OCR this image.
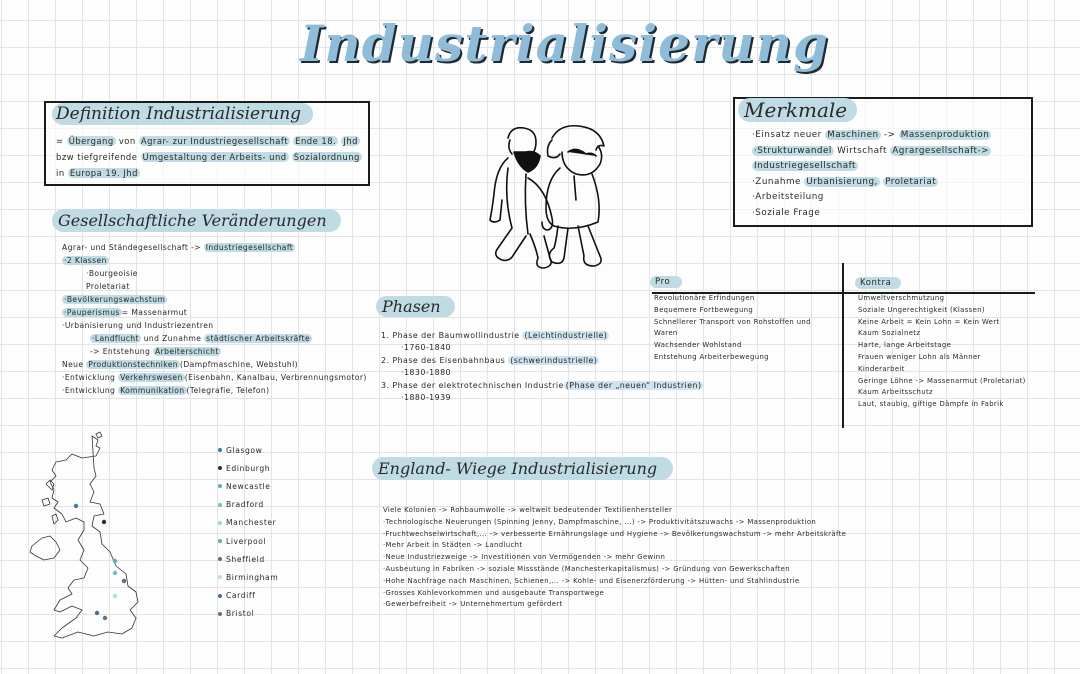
Industrialisierung
Definition Industrialisierung
= Übergang von Agrar- zur Industriegesellschaft Ende 18. Jhd bzw tiefgreifende Umgestaltung der Arbeits- und Sozialordnung in Europa 19. Jhd
Merkmale
·Einsatz neuer Maschinen -> Massenproduktion
·Strukturwandel Wirtschaft Agrargesellschaft->
Industriegesellschaft
·Zunahme Urbanisierung, Proletariat
·Arbeitsteilung
·Soziale Frage
Gesellschaftliche Veränderungen
Agrar- und Ständegesellschaft -> Industriegesellschaft
·2 Klassen
·Bourgeoisie
Proletariat
·Bevölkerungswachstum
·Pauperismus = Massenarmut
·Urbanisierung und Industriezentren
·Landflucht und Zunahme städtischer Arbeitskräfte
-> Entstehung Arbeiterschicht
Neue Produktionstechniken (Dampfmaschine, Webstuhl)
·Entwicklung Verkehrswesen (Eisenbahn, Kanalbau, Verbrennungsmotor)
·Entwicklung Kommunikation (Telegrafie, Telefon)
Phasen
1. Phase der Baumwollindustrie (Leichtindustrielle)
·1760-1840
2. Phase des Eisenbahnbaus (schwerindustrielle)
·1830-1880
3. Phase der elektrotechnischen Industrie (Phase der „neuen“ Industrien)
·1880-1939
Pro	Kontra
Revolutionäre Erfindungen
Bequemere Fortbewegung
Schnellerer Transport von Rohstoffen und
Waren
Wachsender Wohlstand
Entstehung Arbeiterbewegung
Umweltverschmutzung
Soziale Ungerechtigkeit (Klassen)
Keine Arbeit = Kein Lohn = Kein Wert
Kaum Sozialnetz
Harte, lange Arbeitstage
Frauen weniger Lohn als Männer
Kinderarbeit
Geringe Löhne -> Massenarmut (Proletariat)
Kaum Arbeitsschutz
Laut, staubig, giftige Dämpfe in Fabrik
Glasgow
Edinburgh
Newcastle
Bradford
Manchester
Liverpool
Sheffield
Birmingham
Cardiff
Bristol
England- Wiege Industrialisierung
Viele Kolonien -> Rohbaumwolle -> weltweit bedeutender Textilienhersteller
·Technologische Neuerungen (Spinning Jenny, Dampfmaschine, ...) -> Produktivitätszuwachs -> Massenproduktion
·Fruchtwechselwirtschaft,... -> verbesserte Ernährungslage und Hygiene -> Bevölkerungswachstum -> mehr Arbeitskräfte
·Mehr Arbeit in Städten -> Landlucht
·Neue Industriezweige -> Investitionen von Vermögenden -> mehr Gewinn
·Ausbeutung in Fabriken -> soziale Missstände (Manchesterkapitalismus) -> Gründung von Gewerkschaften
·Hohe Nachfrage nach Maschinen, Schienen,... -> Kohle- und Eisenerzförderung -> Hütten- und Stahlindustrie
·Grosses Kohlevorkommen und ausgebaute Transportwege
·Gewerbefreiheit -> Unternehmertum gefördert
